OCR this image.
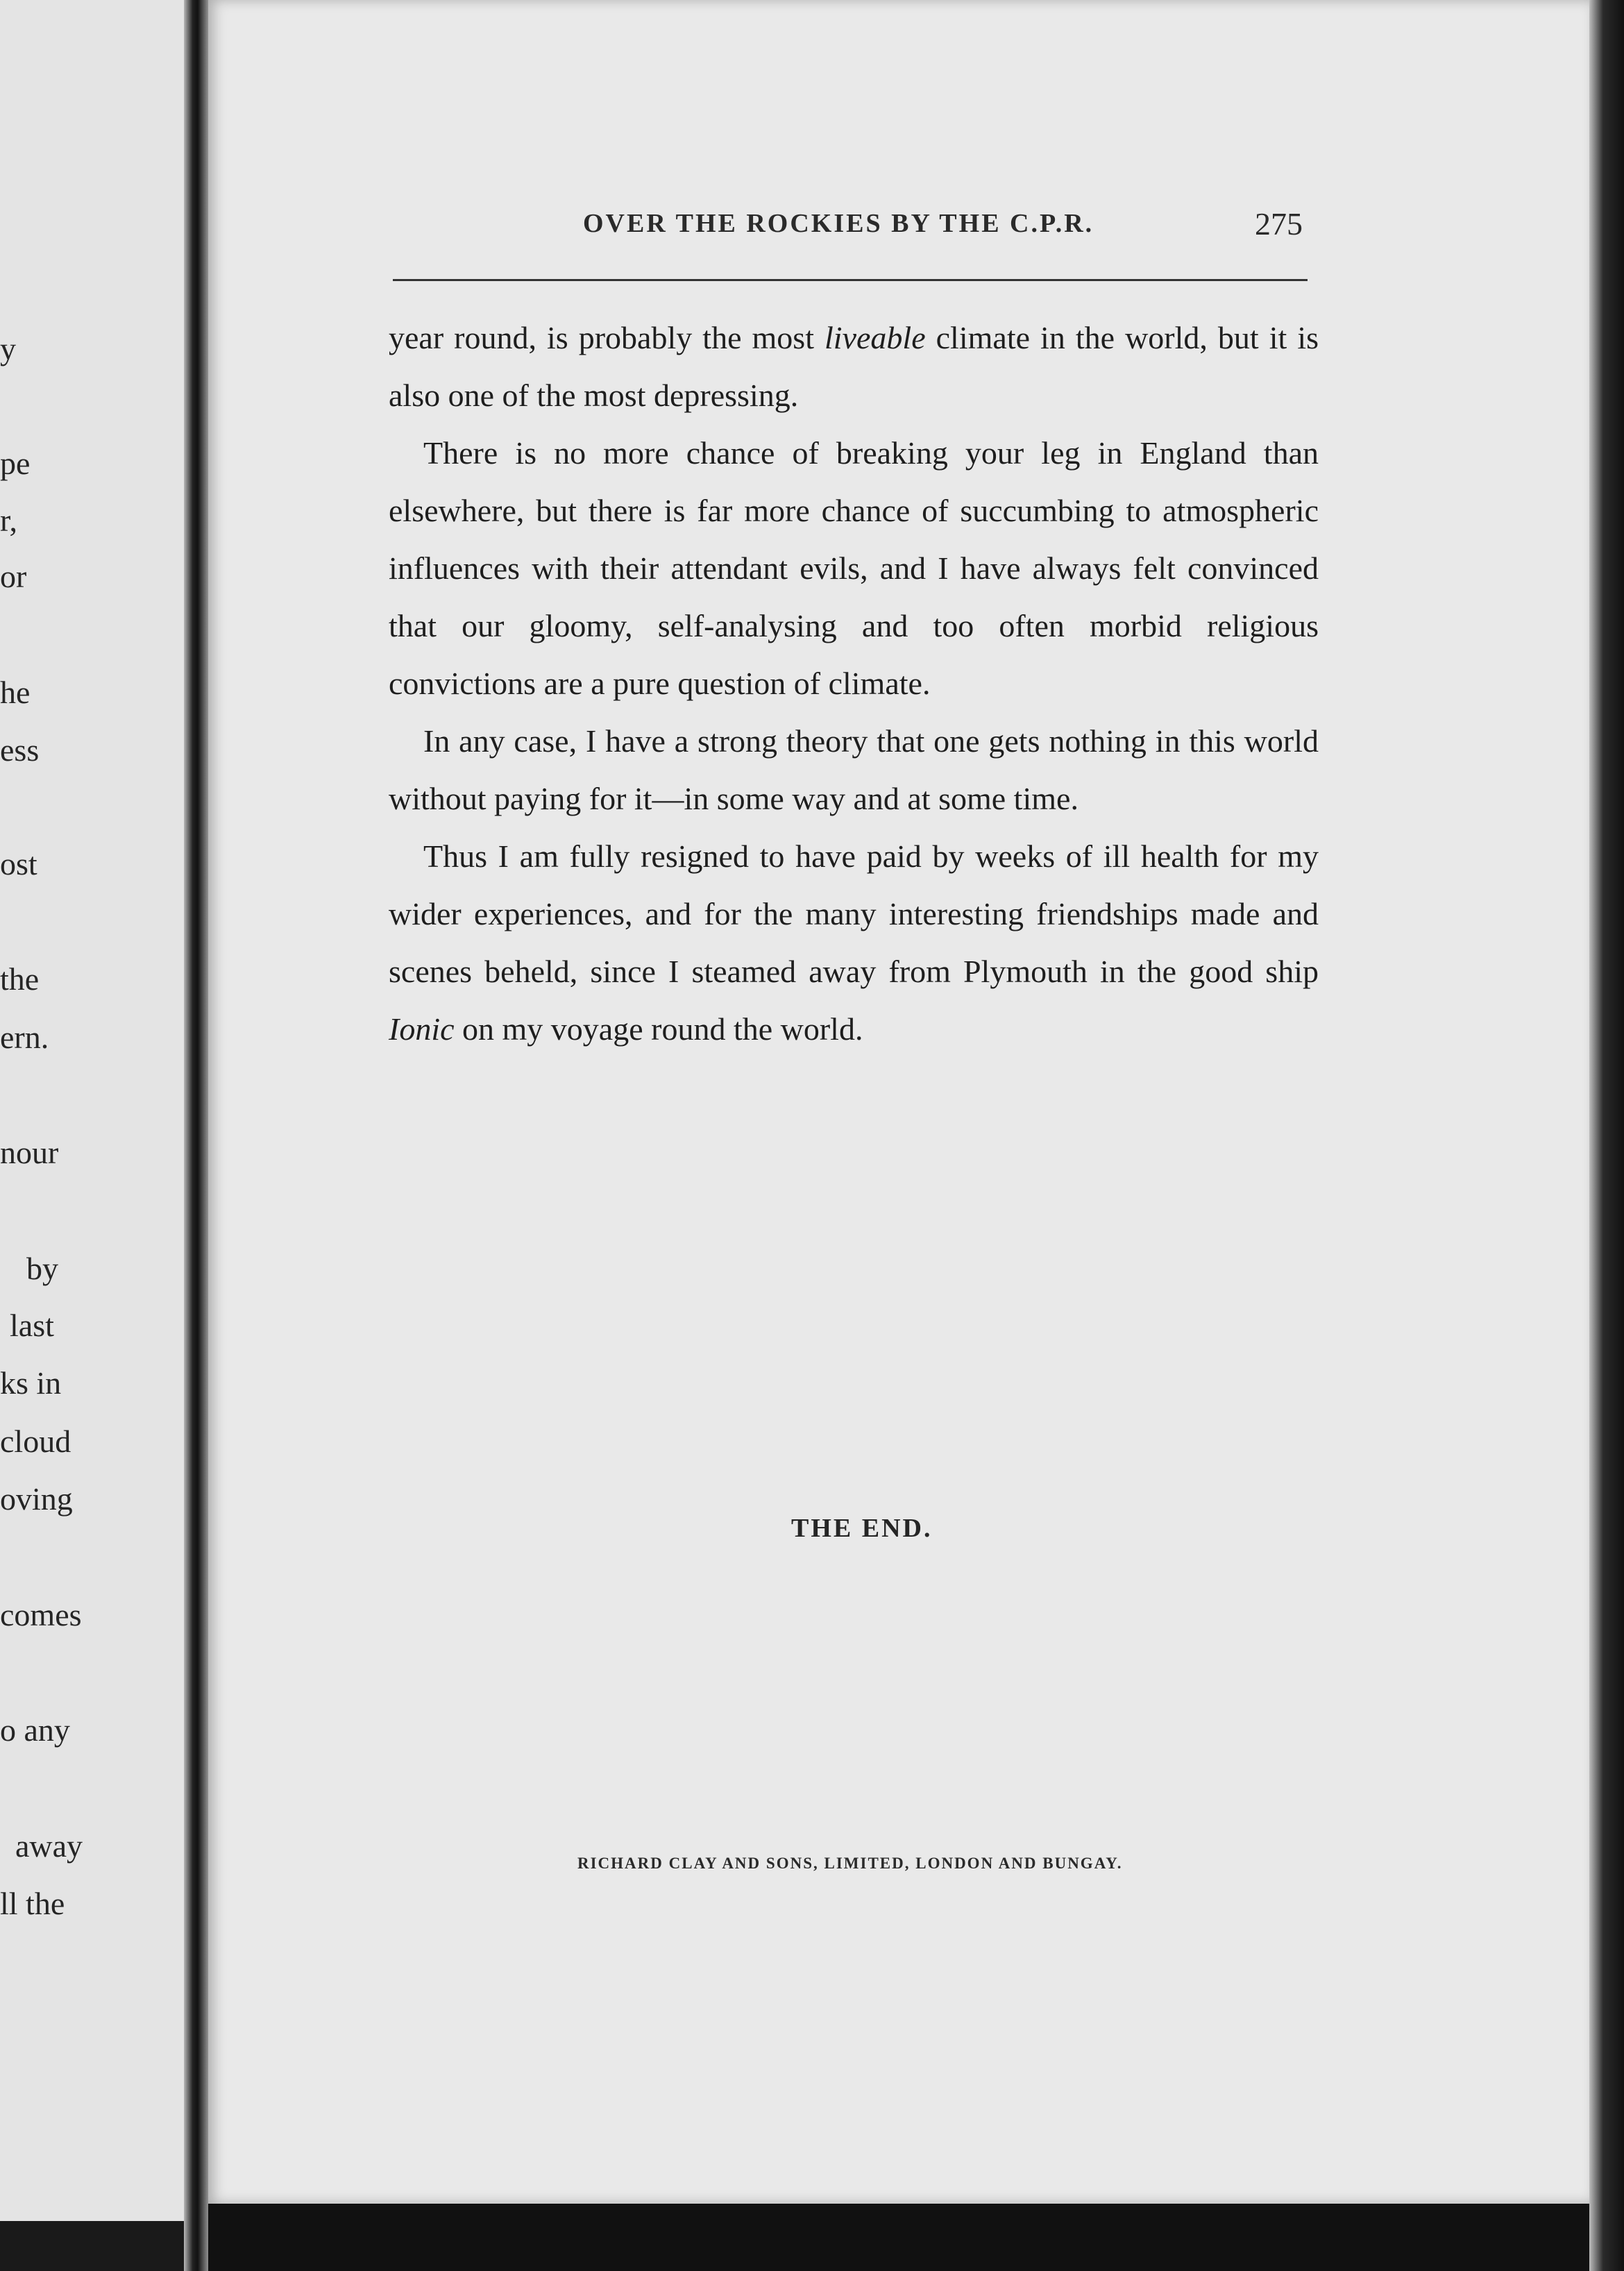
y
pe
r,
or
he
ess
ost
the
ern.
nour
by
last
ks in
cloud
oving
comes
o any
away
ll the
OVER THE ROCKIES BY THE C.P.R.	275

year round, is probably the most liveable climate in the world, but it is also one of the most depressing.

There is no more chance of breaking your leg in England than elsewhere, but there is far more chance of succumbing to atmospheric influences with their attendant evils, and I have always felt convinced that our gloomy, self-analysing and too often morbid religious convictions are a pure question of climate.

In any case, I have a strong theory that one gets nothing in this world without paying for it—in some way and at some time.

Thus I am fully resigned to have paid by weeks of ill health for my wider experiences, and for the many interesting friendships made and scenes beheld, since I steamed away from Plymouth in the good ship Ionic on my voyage round the world.

THE END.
RICHARD CLAY AND SONS, LIMITED, LONDON AND BUNGAY.
